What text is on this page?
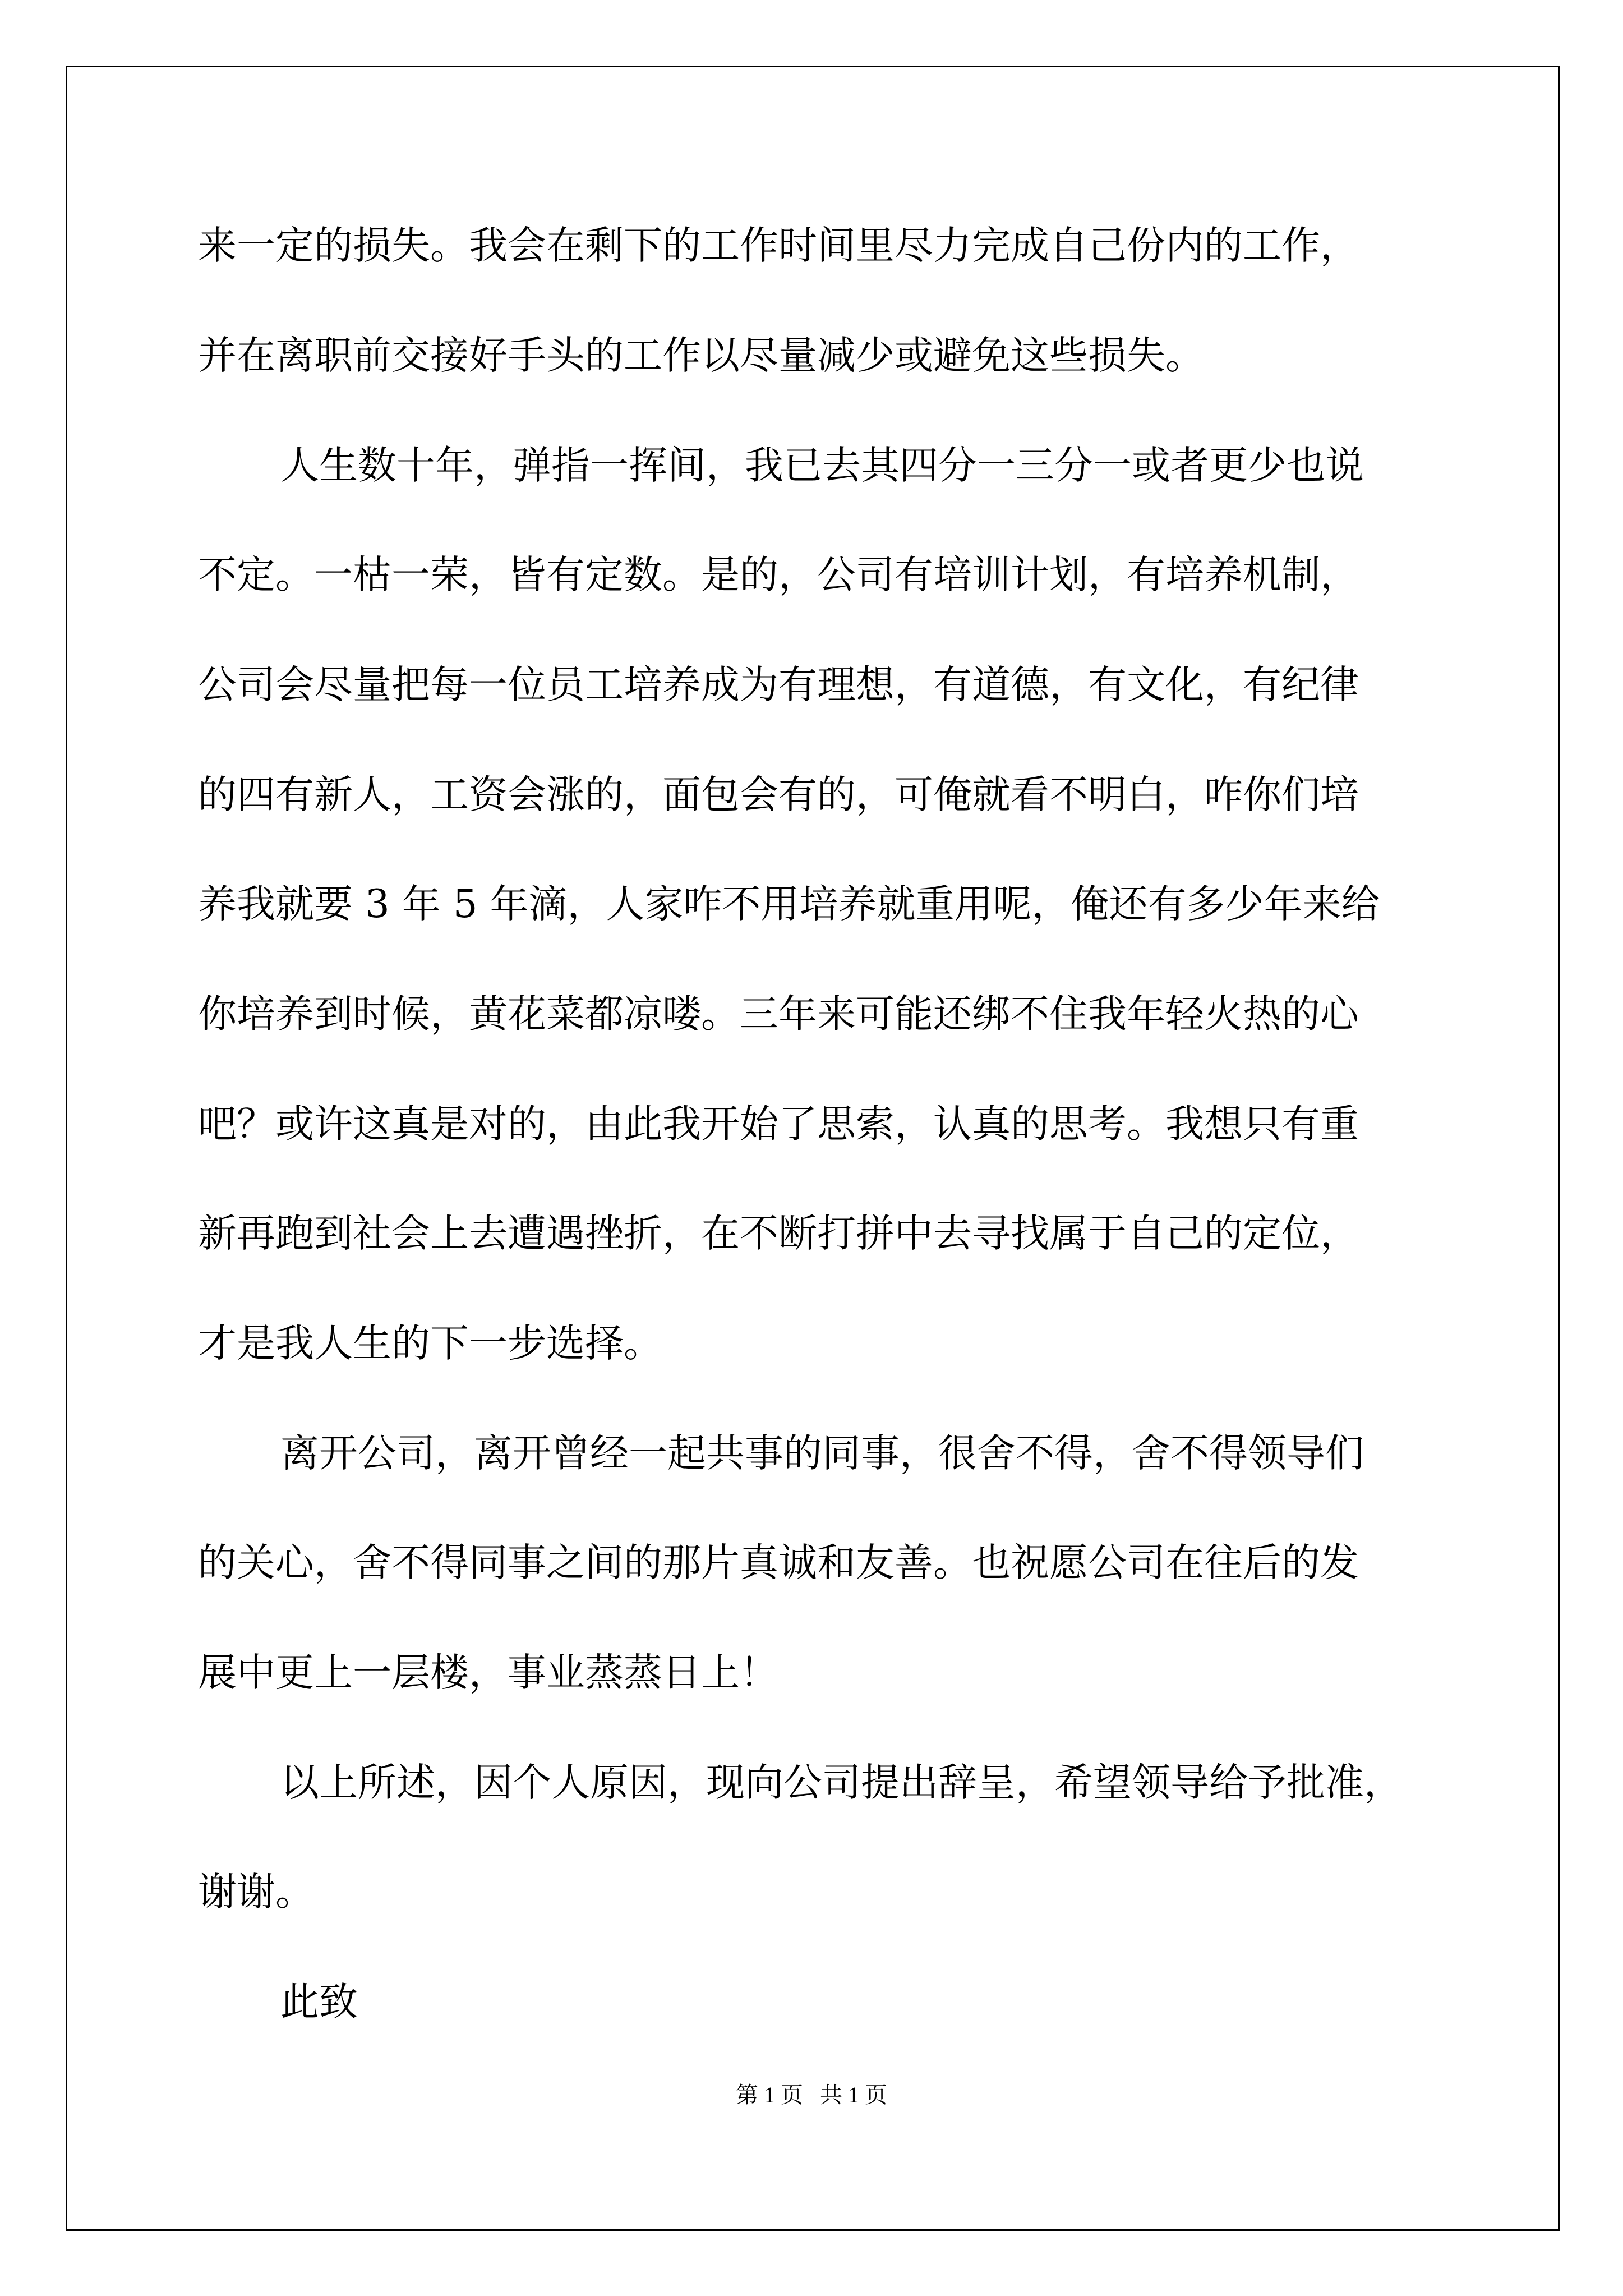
来一定的损失。我会在剩下的工作时间里尽力完成自己份内的工作，

并在离职前交接好手头的工作以尽量减少或避免这些损失。

人生数十年，弹指一挥间，我已去其四分一三分一或者更少也说

不定。一枯一荣，皆有定数。是的，公司有培训计划，有培养机制，

公司会尽量把每一位员工培养成为有理想，有道德，有文化，有纪律

的四有新人，工资会涨的，面包会有的，可俺就看不明白，咋你们培

养我就要 3 年 5 年滴，人家咋不用培养就重用呢，俺还有多少年来给

你培养到时候，黄花菜都凉喽。三年来可能还绑不住我年轻火热的心

吧？或许这真是对的，由此我开始了思索，认真的思考。我想只有重

新再跑到社会上去遭遇挫折，在不断打拼中去寻找属于自己的定位，

才是我人生的下一步选择。

离开公司，离开曾经一起共事的同事，很舍不得，舍不得领导们

的关心，舍不得同事之间的那片真诚和友善。也祝愿公司在往后的发

展中更上一层楼，事业蒸蒸日上！

以上所述，因个人原因，现向公司提出辞呈，希望领导给予批准，

谢谢。

此致

第 1 页   共 1 页
